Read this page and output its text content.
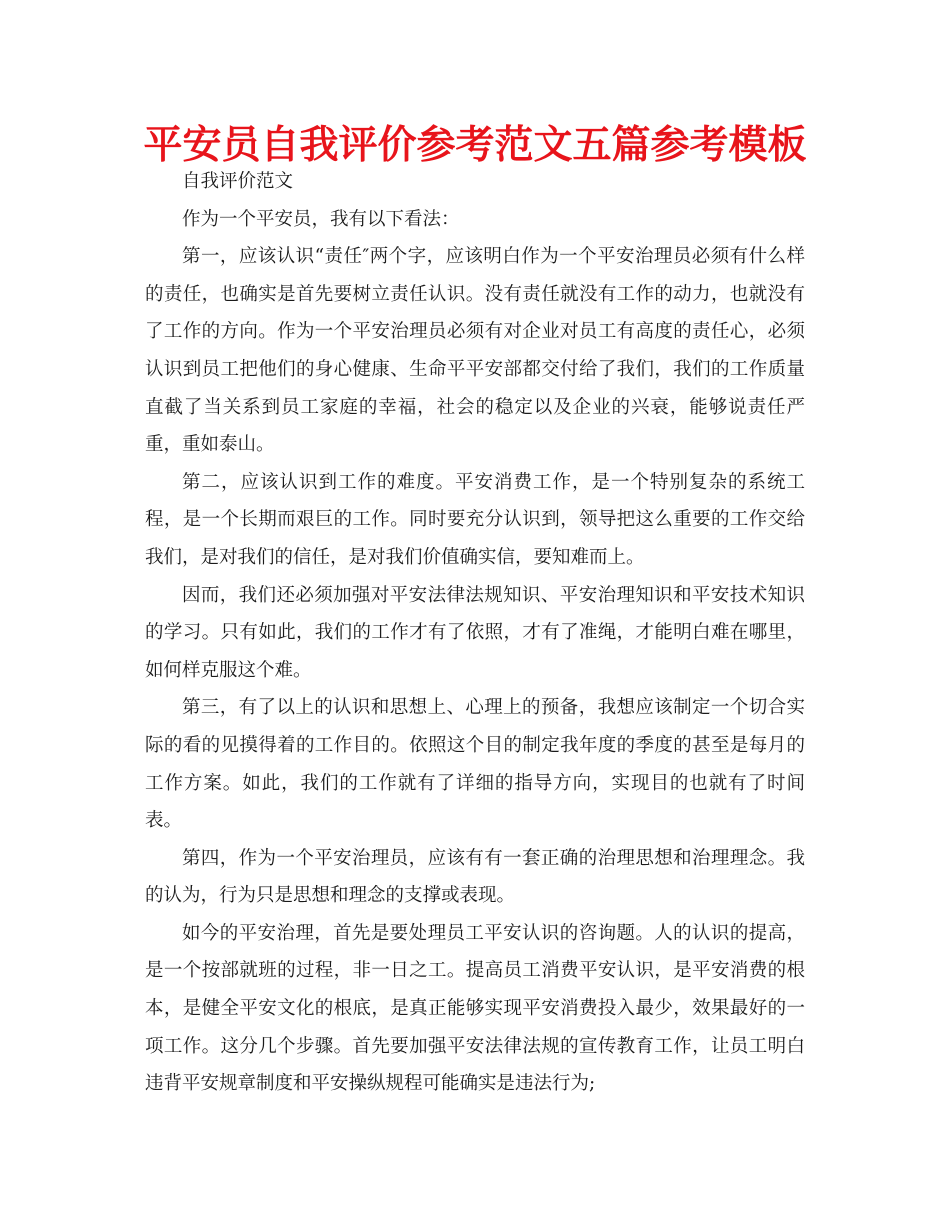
平安员自我评价参考范文五篇参考模板

自我评价范文

作为一个平安员，我有以下看法：

第一，应该认识“责任″两个字，应该明白作为一个平安治理员必须有什么样的责任，也确实是首先要树立责任认识。没有责任就没有工作的动力，也就没有了工作的方向。作为一个平安治理员必须有对企业对员工有高度的责任心，必须认识到员工把他们的身心健康、生命平平安部都交付给了我们，我们的工作质量直截了当关系到员工家庭的幸福，社会的稳定以及企业的兴衰，能够说责任严重，重如泰山。

第二，应该认识到工作的难度。平安消费工作，是一个特别复杂的系统工程，是一个长期而艰巨的工作。同时要充分认识到，领导把这么重要的工作交给我们，是对我们的信任，是对我们价值确实信，要知难而上。

因而，我们还必须加强对平安法律法规知识、平安治理知识和平安技术知识的学习。只有如此，我们的工作才有了依照，才有了准绳，才能明白难在哪里，如何样克服这个难。

第三，有了以上的认识和思想上、心理上的预备，我想应该制定一个切合实际的看的见摸得着的工作目的。依照这个目的制定我年度的季度的甚至是每月的工作方案。如此，我们的工作就有了详细的指导方向，实现目的也就有了时间表。

第四，作为一个平安治理员，应该有有一套正确的治理思想和治理理念。我的认为，行为只是思想和理念的支撑或表现。

如今的平安治理，首先是要处理员工平安认识的咨询题。人的认识的提高，是一个按部就班的过程，非一日之工。提高员工消费平安认识，是平安消费的根本，是健全平安文化的根底，是真正能够实现平安消费投入最少，效果最好的一项工作。这分几个步骤。首先要加强平安法律法规的宣传教育工作，让员工明白违背平安规章制度和平安操纵规程可能确实是违法行为;
